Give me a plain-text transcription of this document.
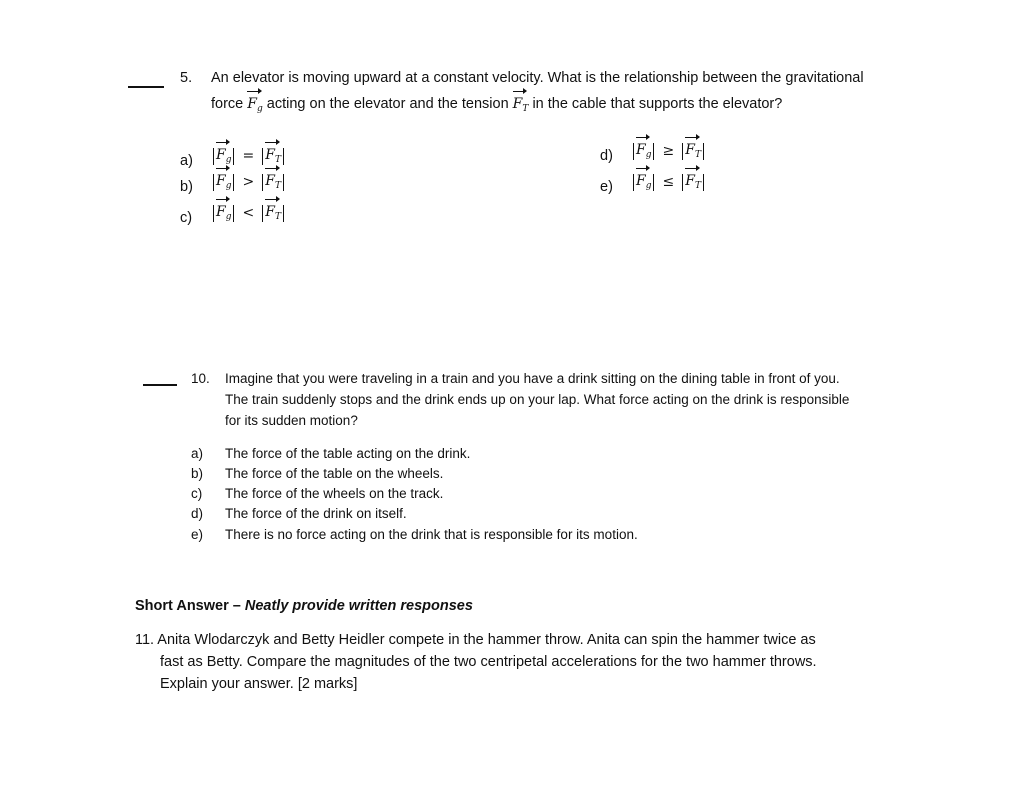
5. An elevator is moving upward at a constant velocity. What is the relationship between the gravitational
force $F_g$ acting on the elevator and the tension $F_T$ in the cable that supports the elevator?
a) $F_g = F_T$
b) $F_g > F_T$
c) $F_g < F_T$
d) $F_g \ge F_T$
e) $F_g \le F_T$
10. Imagine that you were traveling in a train and you have a drink sitting on the dining table in front of you.
The train suddenly stops and the drink ends up on your lap. What force acting on the drink is responsible
for its sudden motion?
a) The force of the table acting on the drink.
b) The force of the table on the wheels.
c) The force of the wheels on the track.
d) The force of the drink on itself.
e) There is no force acting on the drink that is responsible for its motion.
Short Answer – Neatly provide written responses
11. Anita Wlodarczyk and Betty Heidler compete in the hammer throw. Anita can spin the hammer twice as
fast as Betty. Compare the magnitudes of the two centripetal accelerations for the two hammer throws.
Explain your answer. [2 marks]
